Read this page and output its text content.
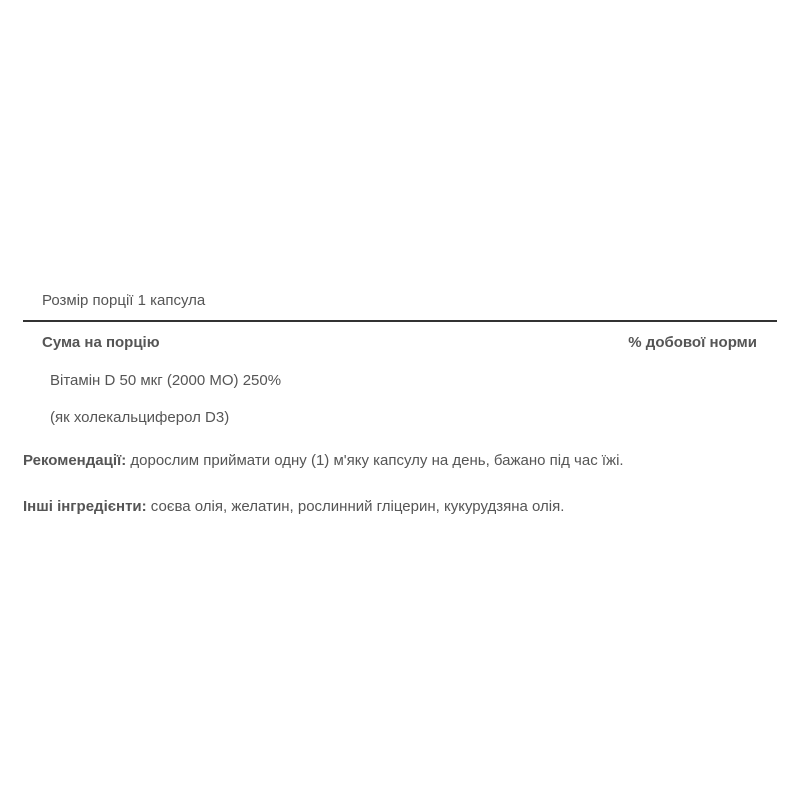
Розмір порції 1 капсула
Сума на порцію	% добової норми
Вітамін D 50 мкг (2000 МО) 250%
(як холекальциферол D3)
Рекомендації: дорослим приймати одну (1) м'яку капсулу на день, бажано під час їжі.
Інші інгредієнти: соєва олія, желатин, рослинний гліцерин, кукурудзяна олія.
